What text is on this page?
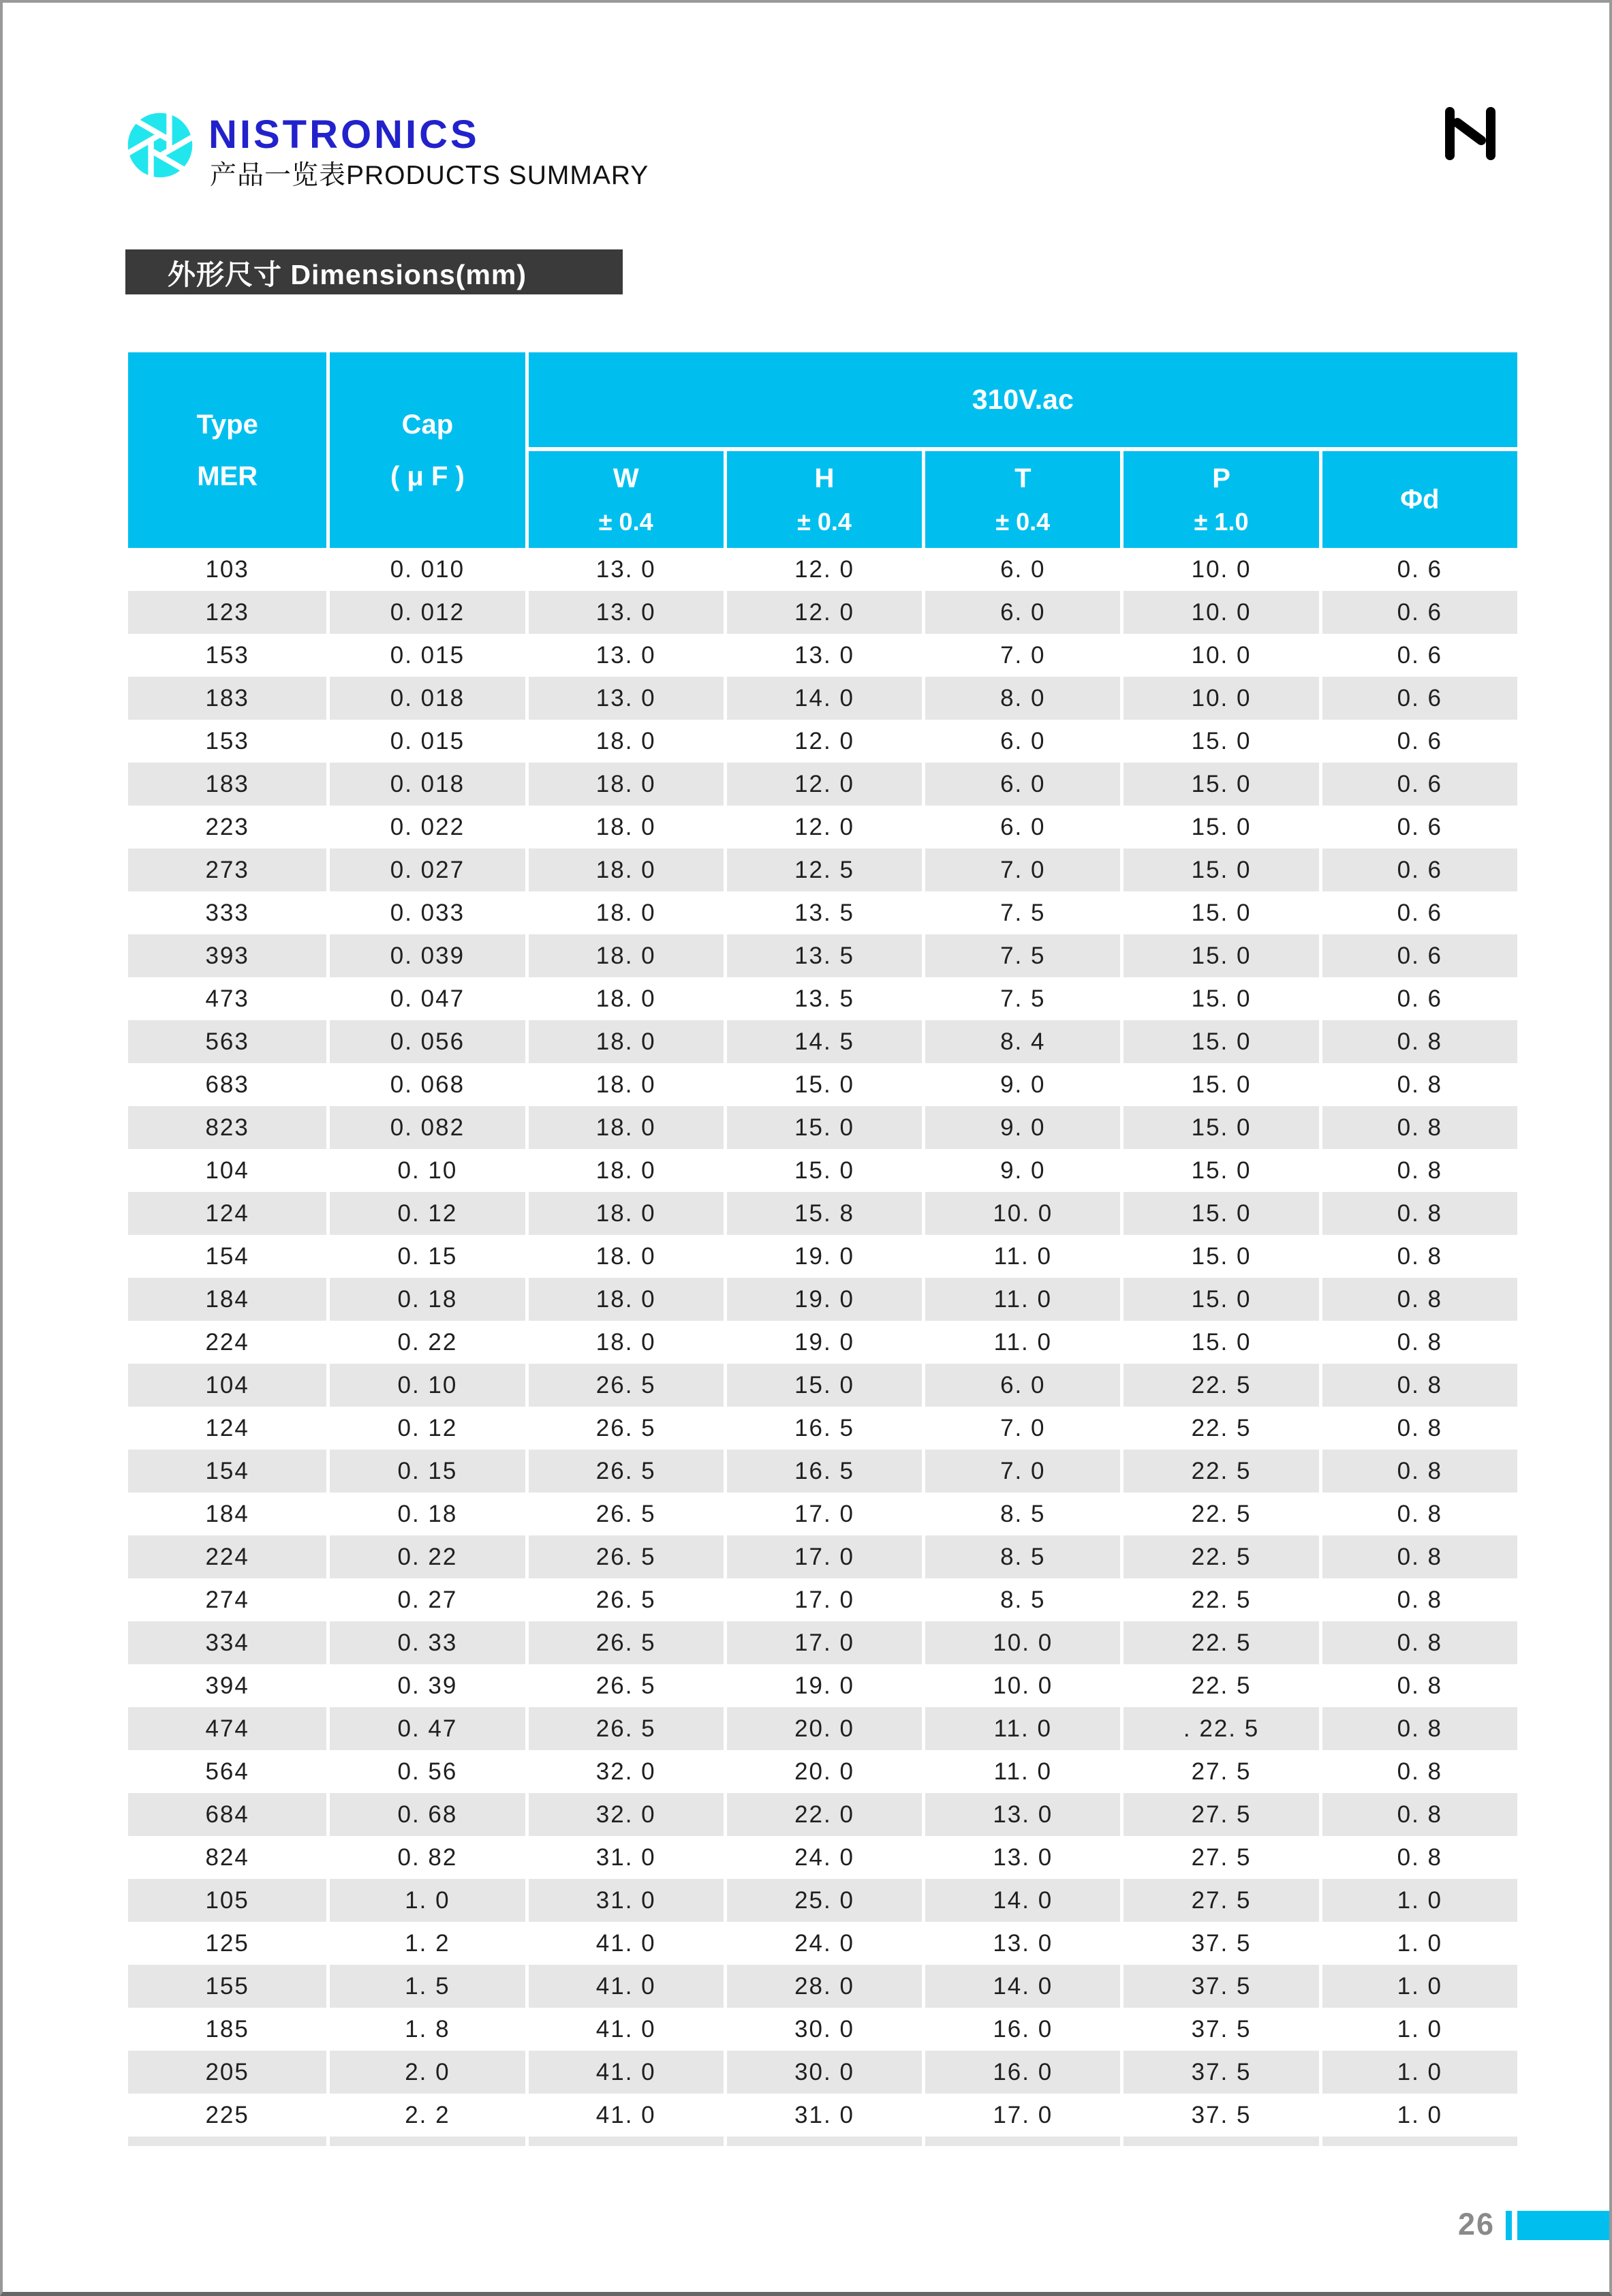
NISTRONICS
产品一览表PRODUCTS SUMMARY
外形尺寸 Dimensions(mm)
Type
MER
Cap
( μ F )
310V.ac
W
± 0.4
H
± 0.4
T
± 0.4
P
± 1.0
Φd
103	0. 010	13. 0	12. 0	6. 0	10. 0	0. 6
123	0. 012	13. 0	12. 0	6. 0	10. 0	0. 6
153	0. 015	13. 0	13. 0	7. 0	10. 0	0. 6
183	0. 018	13. 0	14. 0	8. 0	10. 0	0. 6
153	0. 015	18. 0	12. 0	6. 0	15. 0	0. 6
183	0. 018	18. 0	12. 0	6. 0	15. 0	0. 6
223	0. 022	18. 0	12. 0	6. 0	15. 0	0. 6
273	0. 027	18. 0	12. 5	7. 0	15. 0	0. 6
333	0. 033	18. 0	13. 5	7. 5	15. 0	0. 6
393	0. 039	18. 0	13. 5	7. 5	15. 0	0. 6
473	0. 047	18. 0	13. 5	7. 5	15. 0	0. 6
563	0. 056	18. 0	14. 5	8. 4	15. 0	0. 8
683	0. 068	18. 0	15. 0	9. 0	15. 0	0. 8
823	0. 082	18. 0	15. 0	9. 0	15. 0	0. 8
104	0. 10	18. 0	15. 0	9. 0	15. 0	0. 8
124	0. 12	18. 0	15. 8	10. 0	15. 0	0. 8
154	0. 15	18. 0	19. 0	11. 0	15. 0	0. 8
184	0. 18	18. 0	19. 0	11. 0	15. 0	0. 8
224	0. 22	18. 0	19. 0	11. 0	15. 0	0. 8
104	0. 10	26. 5	15. 0	6. 0	22. 5	0. 8
124	0. 12	26. 5	16. 5	7. 0	22. 5	0. 8
154	0. 15	26. 5	16. 5	7. 0	22. 5	0. 8
184	0. 18	26. 5	17. 0	8. 5	22. 5	0. 8
224	0. 22	26. 5	17. 0	8. 5	22. 5	0. 8
274	0. 27	26. 5	17. 0	8. 5	22. 5	0. 8
334	0. 33	26. 5	17. 0	10. 0	22. 5	0. 8
394	0. 39	26. 5	19. 0	10. 0	22. 5	0. 8
474	0. 47	26. 5	20. 0	11. 0	. 22. 5	0. 8
564	0. 56	32. 0	20. 0	11. 0	27. 5	0. 8
684	0. 68	32. 0	22. 0	13. 0	27. 5	0. 8
824	0. 82	31. 0	24. 0	13. 0	27. 5	0. 8
105	1. 0	31. 0	25. 0	14. 0	27. 5	1. 0
125	1. 2	41. 0	24. 0	13. 0	37. 5	1. 0
155	1. 5	41. 0	28. 0	14. 0	37. 5	1. 0
185	1. 8	41. 0	30. 0	16. 0	37. 5	1. 0
205	2. 0	41. 0	30. 0	16. 0	37. 5	1. 0
225	2. 2	41. 0	31. 0	17. 0	37. 5	1. 0
26
